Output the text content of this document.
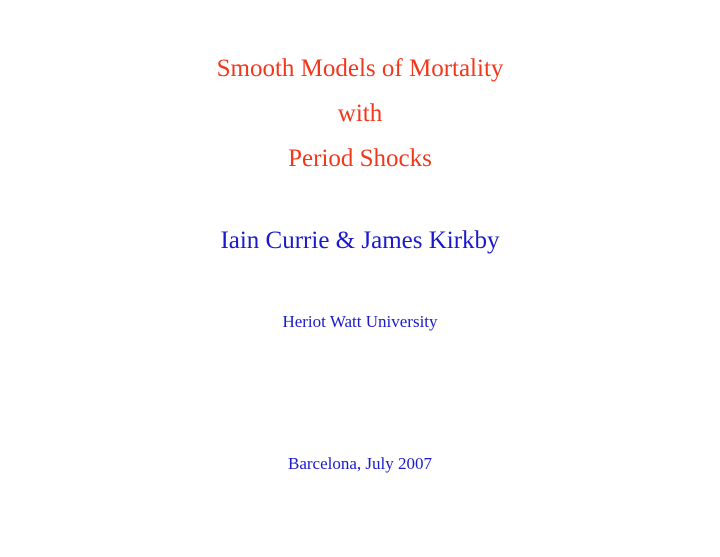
Smooth Models of Mortality
with
Period Shocks
Iain Currie & James Kirkby
Heriot Watt University
Barcelona, July 2007
